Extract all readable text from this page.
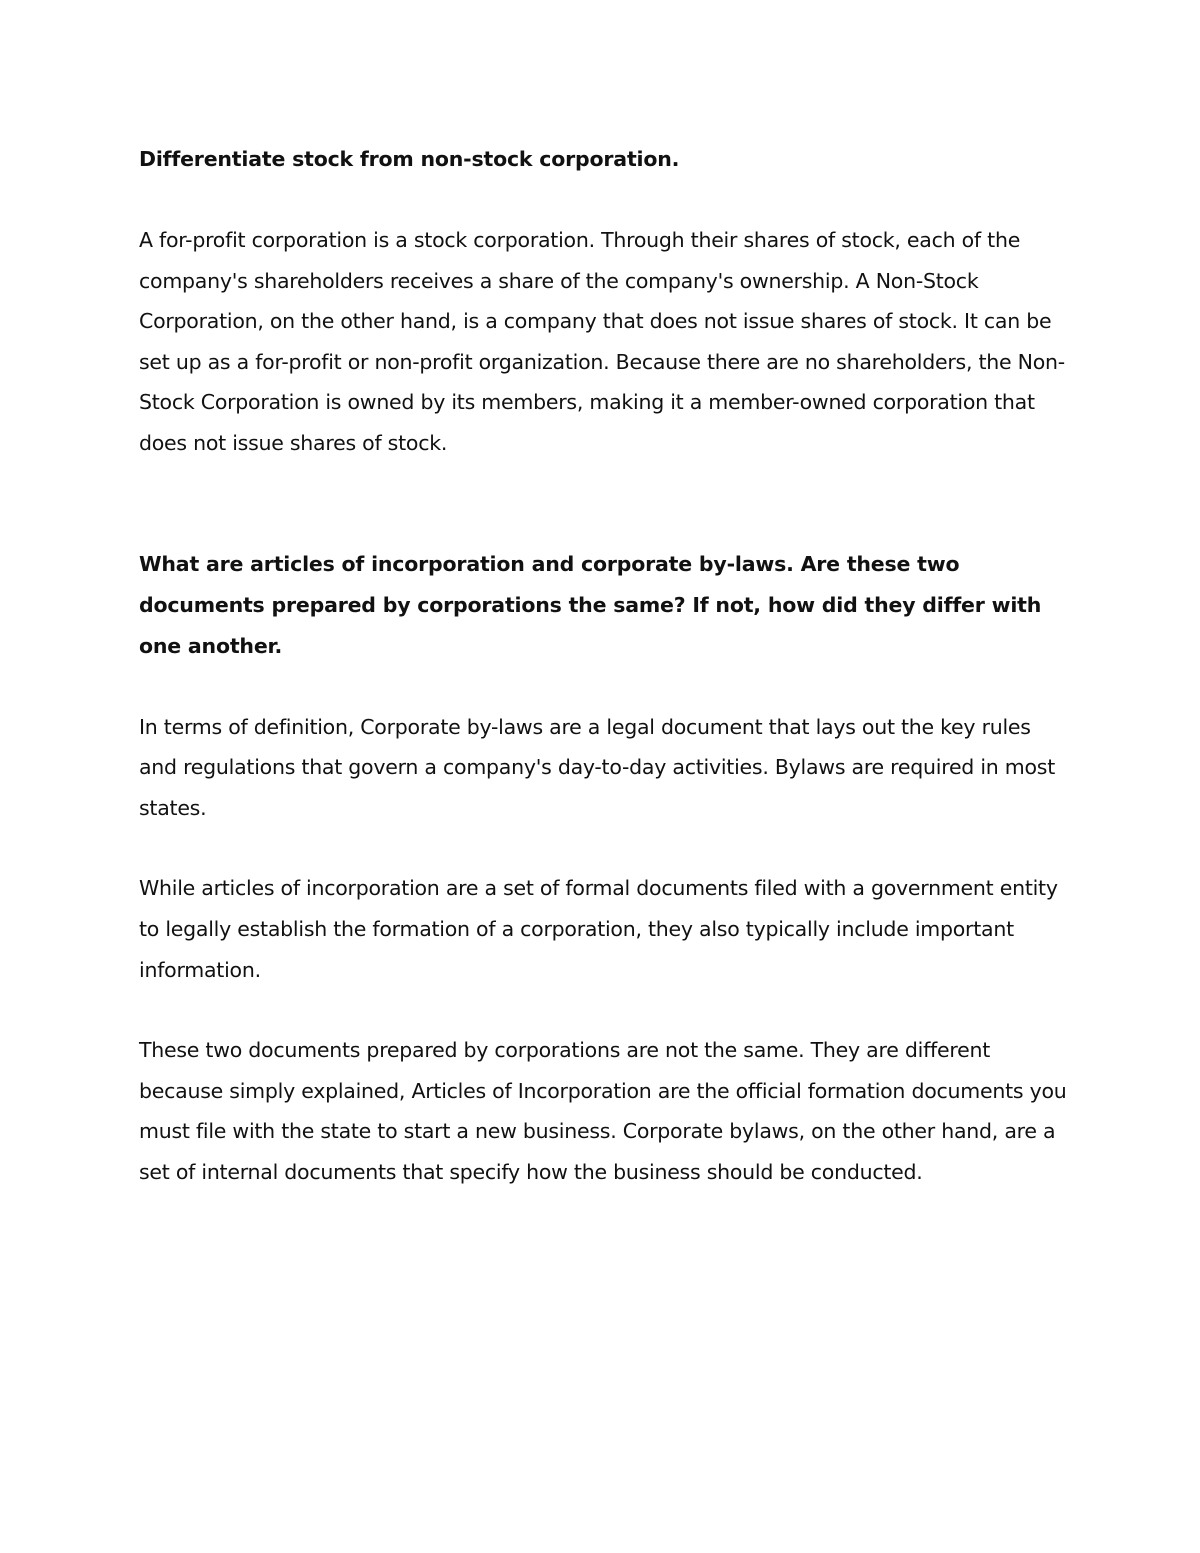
Differentiate stock from non-stock corporation.

A for-profit corporation is a stock corporation. Through their shares of stock, each of the company's shareholders receives a share of the company's ownership. A Non-Stock Corporation, on the other hand, is a company that does not issue shares of stock. It can be set up as a for-profit or non-profit organization. Because there are no shareholders, the Non-Stock Corporation is owned by its members, making it a member-owned corporation that does not issue shares of stock.

What are articles of incorporation and corporate by-laws. Are these two documents prepared by corporations the same? If not, how did they differ with one another.

In terms of definition, Corporate by-laws are a legal document that lays out the key rules and regulations that govern a company's day-to-day activities. Bylaws are required in most states.

While articles of incorporation are a set of formal documents filed with a government entity to legally establish the formation of a corporation, they also typically include important information.

These two documents prepared by corporations are not the same. They are different because simply explained, Articles of Incorporation are the official formation documents you must file with the state to start a new business. Corporate bylaws, on the other hand, are a set of internal documents that specify how the business should be conducted.
